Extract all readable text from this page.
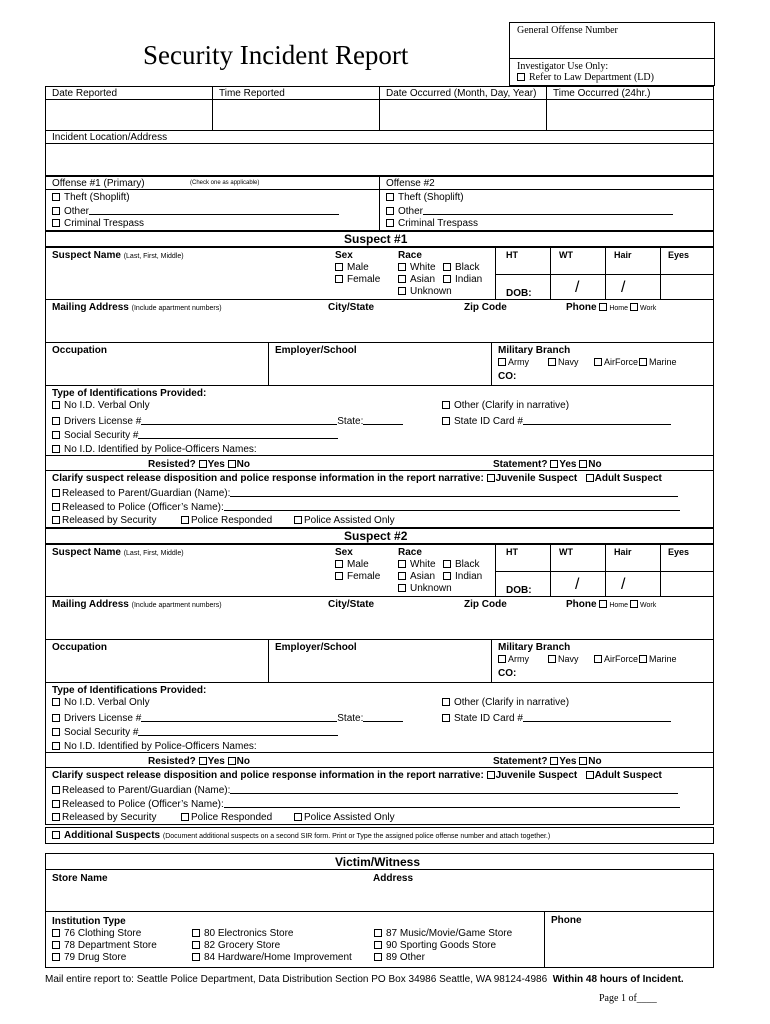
Security Incident Report
General Offense Number
Investigator Use Only:
Refer to Law Department (LD)
Date Reported	Time Reported	Date Occurred (Month, Day, Year) Time Occurred (24hr.)
Incident Location/Address
Offense #1 (Primary)	(Check one as applicable)
Theft (Shoplift)
Other
Criminal Trespass
Offense #2
Theft (Shoplift)
Other
Criminal Trespass
Suspect #1
Suspect Name (Last, First, Middle)	Sex
Male
Female
Race
White	Black
Asian	Indian
Unknown
HT	WT	Hair	Eyes
DOB:	/	/
Mailing Address (Include apartment numbers)	City/State	Zip Code	Phone Home Work
Occupation	Employer/School	Military Branch
Army	Navy	AirForce	Marine
CO:
Type of Identifications Provided:
No I.D. Verbal Only
Drivers License #	State:
Social Security #
No I.D. Identified by Police-Officers Names:
Other (Clarify in narrative)
State ID Card #
Resisted? Yes No	Statement? Yes No
Clarify suspect release disposition and police response information in the report narrative: Juvenile Suspect Adult Suspect
Released to Parent/Guardian (Name):
Released to Police (Officer’s Name):
Released by Security	Police Responded	Police Assisted Only
Suspect #2
Suspect Name (Last, First, Middle)	Sex
Male
Female
Race
White	Black
Asian	Indian
Unknown
HT	WT	Hair	Eyes
DOB:	/	/
Mailing Address (Include apartment numbers)	City/State	Zip Code	Phone Home Work
Occupation	Employer/School	Military Branch
Army	Navy	AirForce	Marine
CO:
Type of Identifications Provided:
No I.D. Verbal Only
Drivers License #	State:
Social Security #
No I.D. Identified by Police-Officers Names:
Other (Clarify in narrative)
State ID Card #
Resisted? Yes No	Statement? Yes No
Clarify suspect release disposition and police response information in the report narrative: Juvenile Suspect Adult Suspect
Released to Parent/Guardian (Name):
Released to Police (Officer’s Name):
Released by Security	Police Responded	Police Assisted Only
Additional Suspects (Document additional suspects on a second SIR form. Print or Type the assigned police offense number and attach together.)
Victim/Witness
Store Name	Address
Institution Type	Phone
76 Clothing Store
78 Department Store
79 Drug Store
80 Electronics Store
82 Grocery Store
84 Hardware/Home Improvement
87 Music/Movie/Game Store
90 Sporting Goods Store
89 Other
Mail entire report to: Seattle Police Department, Data Distribution Section PO Box 34986 Seattle, WA 98124-4986 Within 48 hours of Incident.
Page 1 of____
